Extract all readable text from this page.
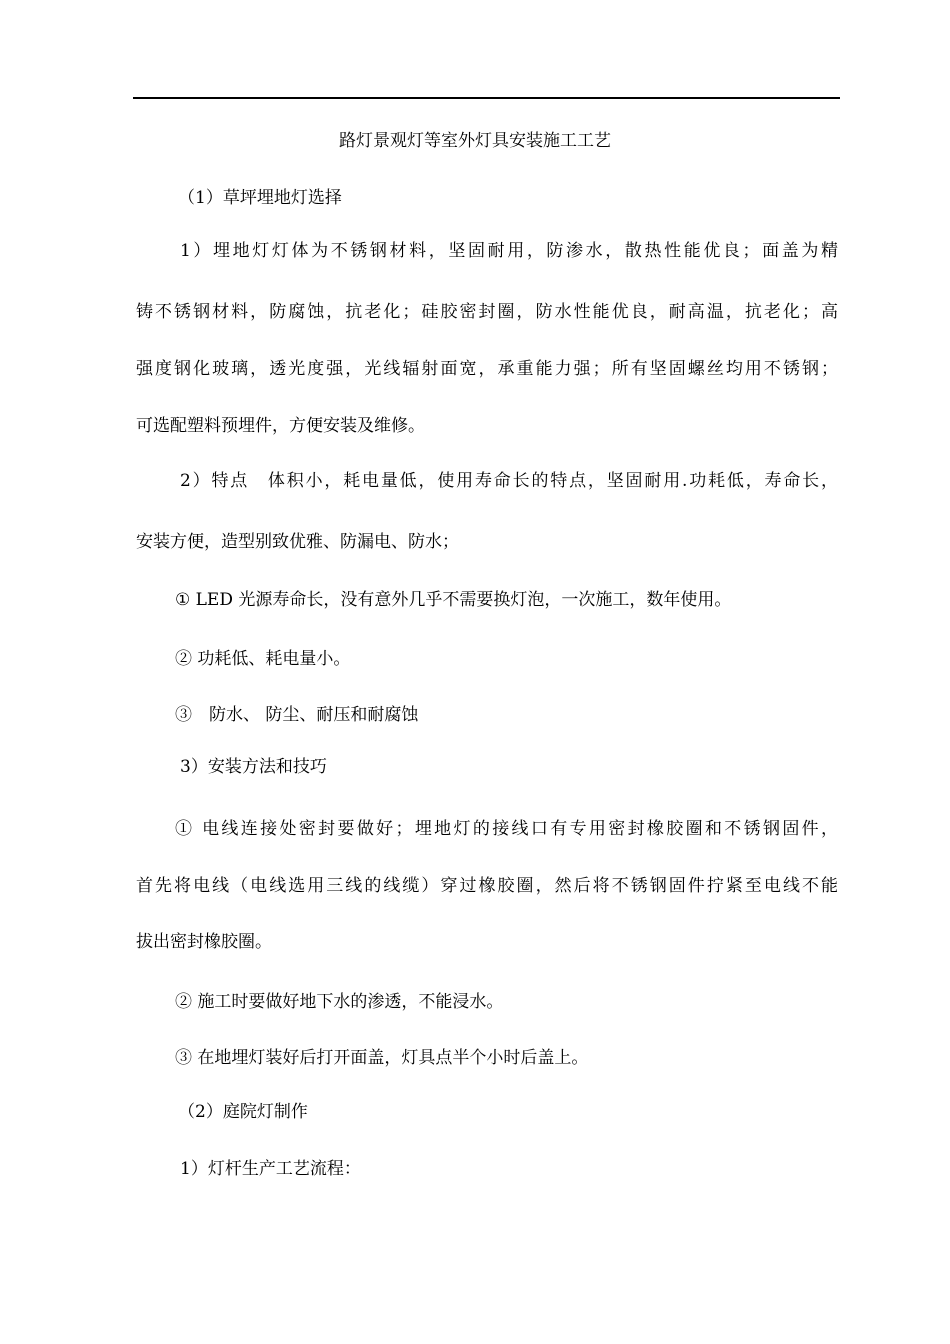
路灯景观灯等室外灯具安装施工工艺

（1）草坪埋地灯选择

1）埋地灯灯体为不锈钢材料，坚固耐用，防渗水，散热性能优良；面盖为精

铸不锈钢材料，防腐蚀，抗老化；硅胶密封圈，防水性能优良，耐高温，抗老化；高

强度钢化玻璃，透光度强，光线辐射面宽，承重能力强；所有坚固螺丝均用不锈钢；

可选配塑料预埋件，方便安装及维修。

2）特点　体积小，耗电量低，使用寿命长的特点，坚固耐用.功耗低，寿命长，

安装方便，造型别致优雅、防漏电、防水；

① LED 光源寿命长，没有意外几乎不需要换灯泡，一次施工，数年使用。

② 功耗低、耗电量小。

③　防水、 防尘、耐压和耐腐蚀

3）安装方法和技巧

① 电线连接处密封要做好；埋地灯的接线口有专用密封橡胶圈和不锈钢固件，

首先将电线（电线选用三线的线缆）穿过橡胶圈，然后将不锈钢固件拧紧至电线不能

拔出密封橡胶圈。

② 施工时要做好地下水的渗透，不能浸水。

③ 在地埋灯装好后打开面盖，灯具点半个小时后盖上。

（2）庭院灯制作

1）灯杆生产工艺流程：
